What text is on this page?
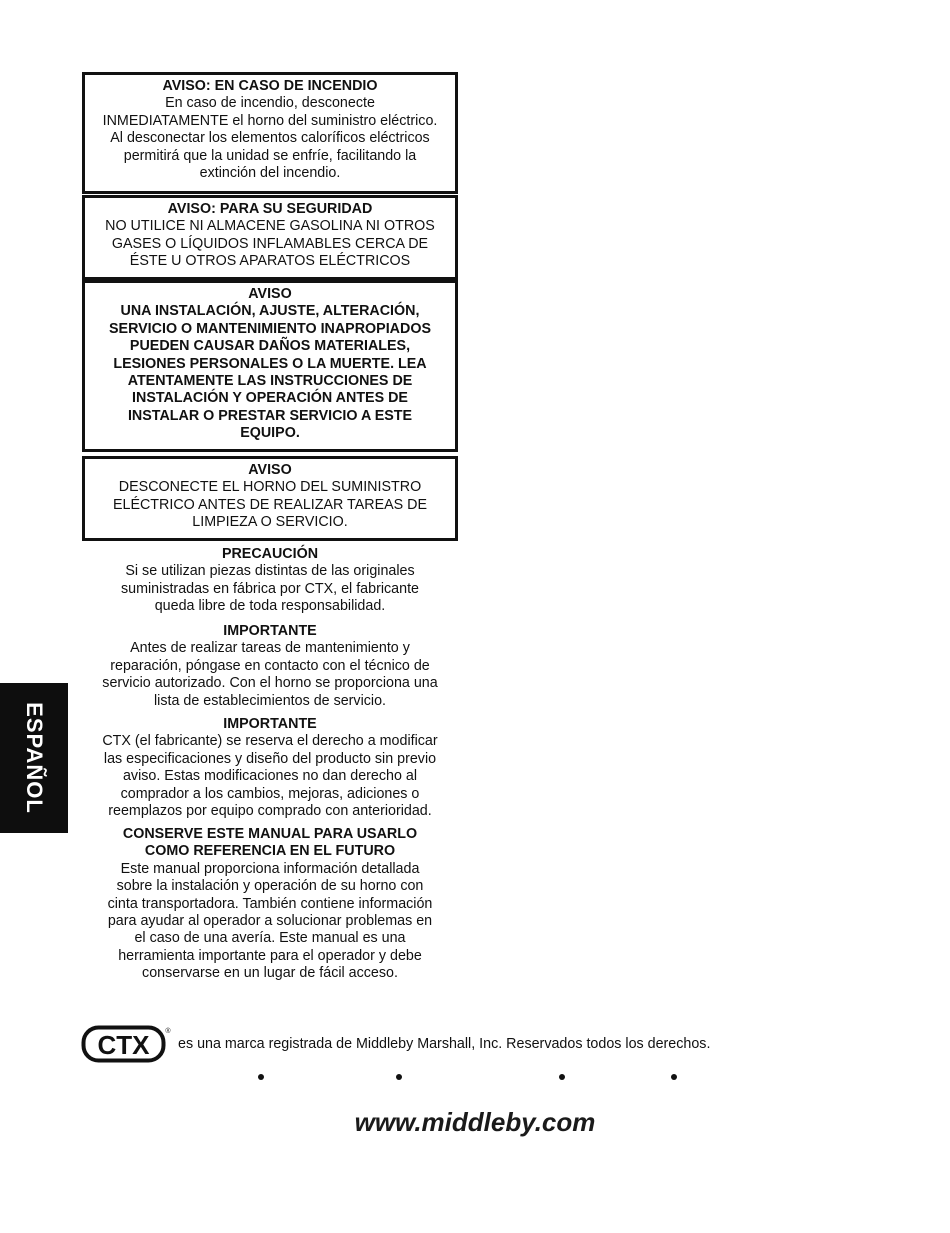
AVISO: EN CASO DE INCENDIO
En caso de incendio, desconecte
INMEDIATAMENTE el horno del suministro eléctrico.
Al desconectar los elementos caloríficos eléctricos
permitirá que la unidad se enfríe, facilitando la
extinción del incendio.
AVISO: PARA SU SEGURIDAD
NO UTILICE NI ALMACENE GASOLINA NI OTROS
GASES O LÍQUIDOS INFLAMABLES CERCA DE
ÉSTE U OTROS APARATOS ELÉCTRICOS
AVISO
UNA INSTALACIÓN, AJUSTE, ALTERACIÓN,
SERVICIO O MANTENIMIENTO INAPROPIADOS
PUEDEN CAUSAR DAÑOS MATERIALES,
LESIONES PERSONALES O LA MUERTE. LEA
ATENTAMENTE LAS INSTRUCCIONES DE
INSTALACIÓN Y OPERACIÓN ANTES DE
INSTALAR O PRESTAR SERVICIO A ESTE
EQUIPO.
AVISO
DESCONECTE EL HORNO DEL SUMINISTRO
ELÉCTRICO ANTES DE REALIZAR TAREAS DE
LIMPIEZA O SERVICIO.
PRECAUCIÓN
Si se utilizan piezas distintas de las originales
suministradas en fábrica por CTX, el fabricante
queda libre de toda responsabilidad.
IMPORTANTE
Antes de realizar tareas de mantenimiento y
reparación, póngase en contacto con el técnico de
servicio autorizado. Con el horno se proporciona una
lista de establecimientos de servicio.
IMPORTANTE
CTX (el fabricante) se reserva el derecho a modificar
las especificaciones y diseño del producto sin previo
aviso. Estas modificaciones no dan derecho al
comprador a los cambios, mejoras, adiciones o
reemplazos por equipo comprado con anterioridad.
CONSERVE ESTE MANUAL PARA USARLO
COMO REFERENCIA EN EL FUTURO
Este manual proporciona información detallada
sobre la instalación y operación de su horno con
cinta transportadora. También contiene información
para ayudar al operador a solucionar problemas en
el caso de una avería. Este manual es una
herramienta importante para el operador y debe
conservarse en un lugar de fácil acceso.
ESPAÑOL
CTX ®
es una marca registrada de Middleby Marshall, Inc. Reservados todos los derechos.
www.middleby.com
